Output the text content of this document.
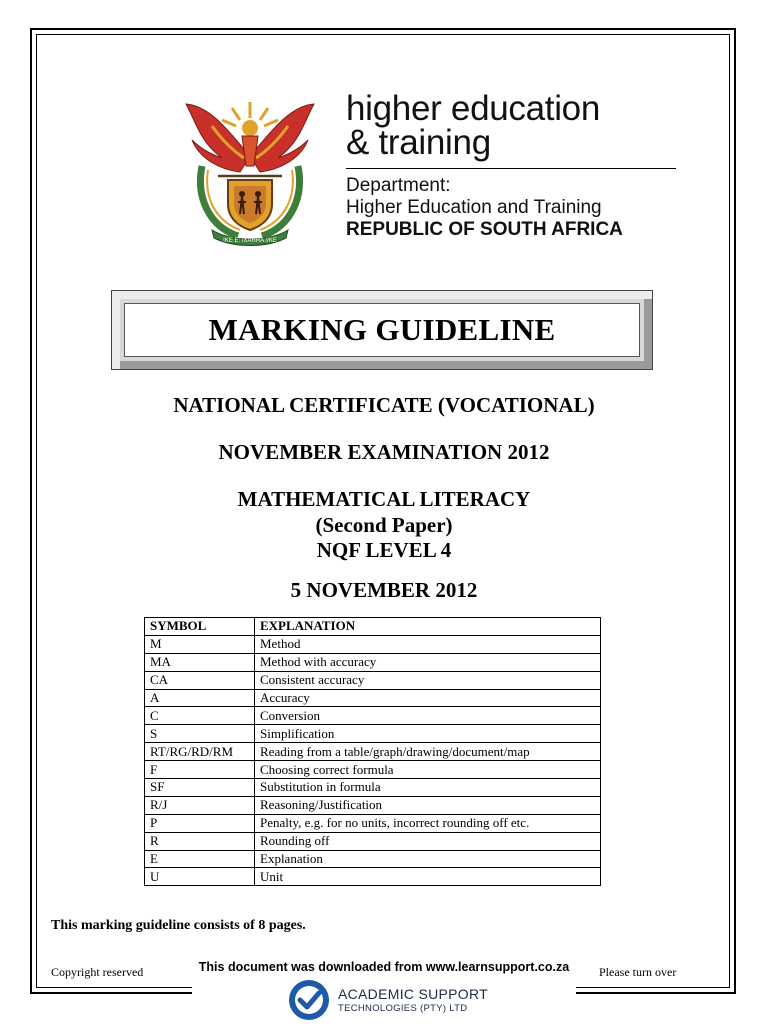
!KE E: /XARRA //KE
higher education
& training
Department:
Higher Education and Training
REPUBLIC OF SOUTH AFRICA
MARKING GUIDELINE
NATIONAL CERTIFICATE (VOCATIONAL)
NOVEMBER EXAMINATION 2012
MATHEMATICAL LITERACY
(Second Paper)
NQF LEVEL 4
5 NOVEMBER 2012
SYMBOL	EXPLANATION
M	Method
MA	Method with accuracy
CA	Consistent accuracy
A	Accuracy
C	Conversion
S	Simplification
RT/RG/RD/RM	Reading from a table/graph/drawing/document/map
F	Choosing correct formula
SF	Substitution in formula
R/J	Reasoning/Justification
P	Penalty, e.g. for no units, incorrect rounding off etc.
R	Rounding off
E	Explanation
U	Unit
This marking guideline consists of 8 pages.
Copyright reserved	Please turn over
This document was downloaded from www.learnsupport.co.za
ACADEMIC SUPPORT
TECHNOLOGIES (PTY) LTD
